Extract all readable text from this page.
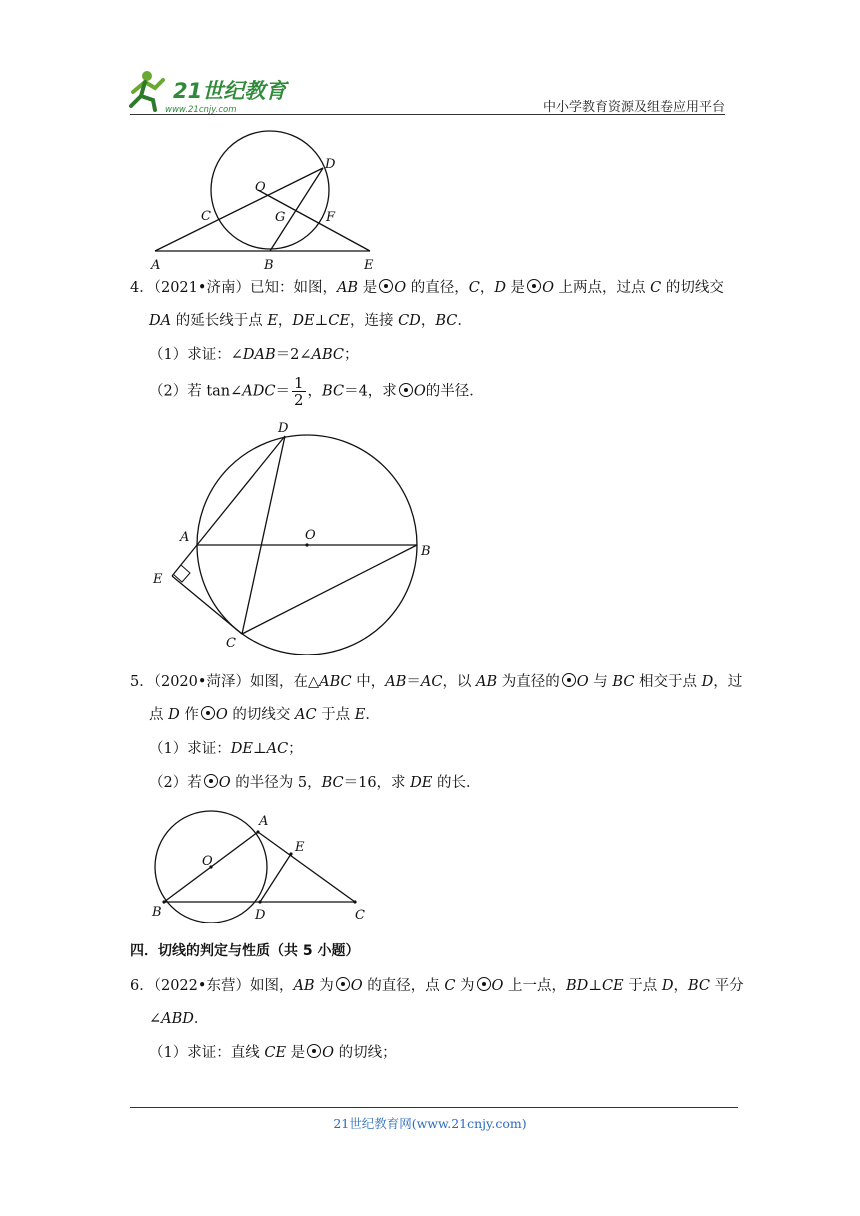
21世纪教育
www.21cnjy.com	中小学教育资源及组卷应用平台
D
O
C	G	F
A	B	E
4．（2021•济南）已知：如图，AB 是 O 的直径，C，D 是 O 上两点，过点 C 的切线交
DA 的延长线于点 E，DE⊥CE，连接 CD，BC．
（1）求证：∠DAB＝2∠ABC；
（2）若 tan∠ADC＝ $\frac{1}{2}$ ，BC＝4，求 O的半径．
D
A	O
B
E
C
5．（2020•菏泽）如图，在△ABC 中，AB＝AC，以 AB 为直径的 O 与 BC 相交于点 D，过
点 D 作 O 的切线交 AC 于点 E．
（1）求证：DE⊥AC；
（2）若 O 的半径为 5，BC＝16，求 DE 的长．
A
E
O
B	D	C
四．切线的判定与性质（共 5 小题）
6．（2022•东营）如图，AB 为 O 的直径，点 C 为 O 上一点，BD⊥CE 于点 D，BC 平分
∠ABD．
（1）求证：直线 CE 是 O 的切线；
21世纪教育网(www.21cnjy.com)
